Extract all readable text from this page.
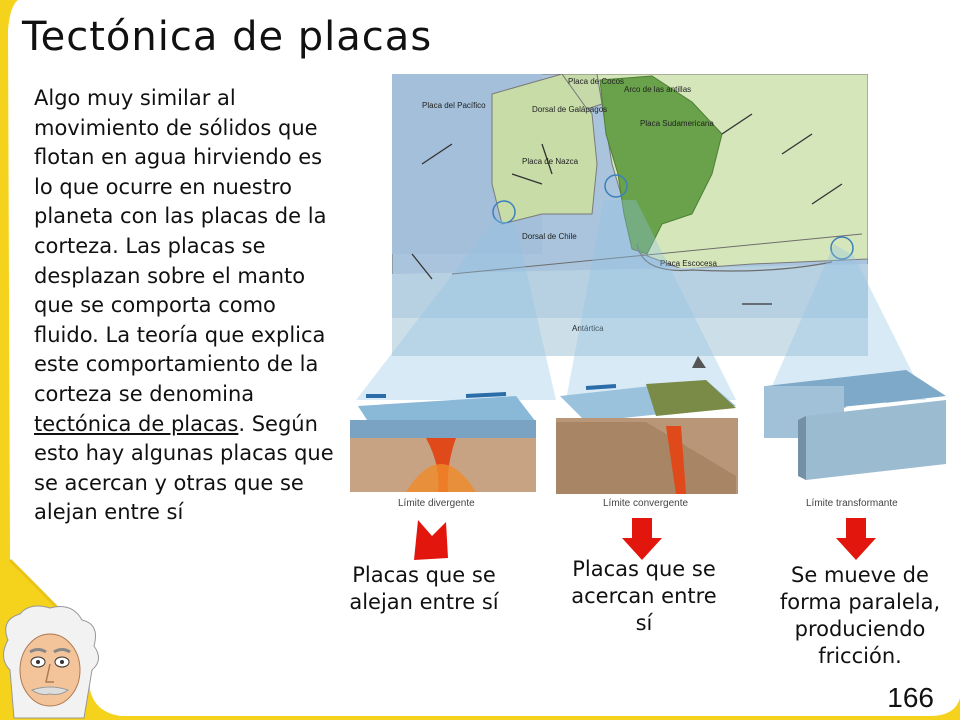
Tectónica de placas
Algo muy similar al movimiento de sólidos que flotan en agua hirviendo es lo que ocurre en nuestro planeta con las placas de la corteza. Las placas se desplazan sobre el manto que se comporta como fluido. La teoría que explica este comportamiento de la corteza se denomina tectónica de placas. Según esto hay algunas placas que se acercan y otras que se alejan entre sí
Placa del Pacífico
Placa de Cocos
Dorsal de Galápagos
Arco de las antillas
Placa Sudamericana
Placa de Nazca
Dorsal de Chile
Placa Escocesa
Antártica
Límite divergente	Límite convergente	Límite transformante
Placas que se alejan entre sí
Placas que se acercan entre sí
Se mueve de forma paralela, produciendo fricción.
166
